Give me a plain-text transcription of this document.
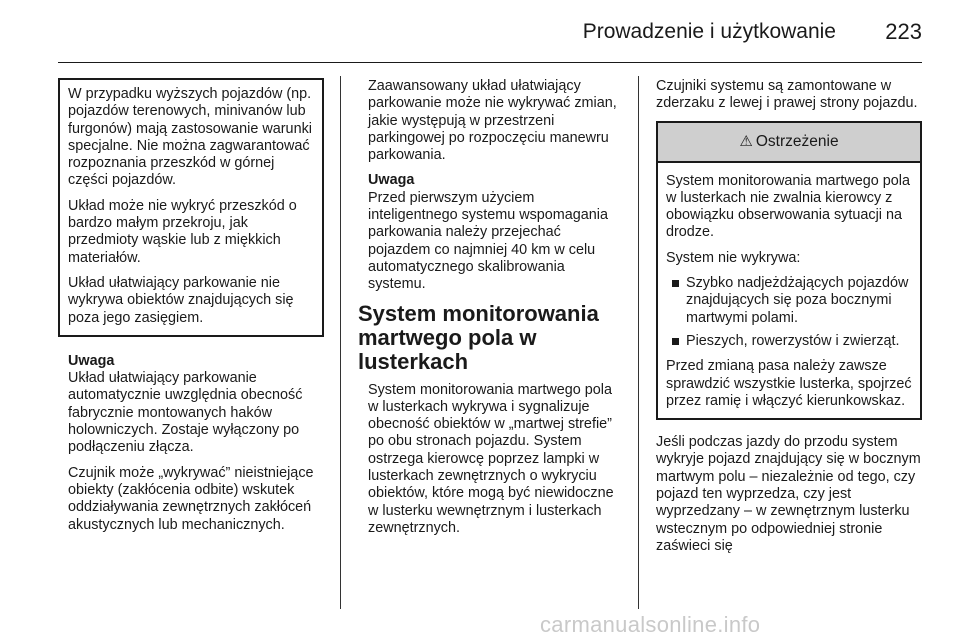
Prowadzenie i użytkowanie 223

W przypadku wyższych pojazdów (np. pojazdów terenowych, minivanów lub furgonów) mają zastosowanie warunki specjalne. Nie można zagwarantować rozpoznania przeszkód w górnej części pojazdów.

Układ może nie wykryć przeszkód o bardzo małym przekroju, jak przedmioty wąskie lub z miękkich materiałów.

Układ ułatwiający parkowanie nie wykrywa obiektów znajdujących się poza jego zasięgiem.

Uwaga

Układ ułatwiający parkowanie automatycznie uwzględnia obecność fabrycznie montowanych haków holowniczych. Zostaje wyłączony po podłączeniu złącza.

Czujnik może „wykrywać” nieistniejące obiekty (zakłócenia odbite) wskutek oddziaływania zewnętrznych zakłóceń akustycznych lub mechanicznych.

Zaawansowany układ ułatwiający parkowanie może nie wykrywać zmian, jakie występują w przestrzeni parkingowej po rozpoczęciu manewru parkowania.

Uwaga

Przed pierwszym użyciem inteligentnego systemu wspomagania parkowania należy przejechać pojazdem co najmniej 40 km w celu automatycznego skalibrowania systemu.

System monitorowania martwego pola w lusterkach

System monitorowania martwego pola w lusterkach wykrywa i sygnalizuje obecność obiektów w „martwej strefie” po obu stronach pojazdu. System ostrzega kierowcę poprzez lampki w lusterkach zewnętrznych o wykryciu obiektów, które mogą być niewidoczne w lusterku wewnętrznym i lusterkach zewnętrznych.

Czujniki systemu są zamontowane w zderzaku z lewej i prawej strony pojazdu.

⚠ Ostrzeżenie

System monitorowania martwego pola w lusterkach nie zwalnia kierowcy z obowiązku obserwowania sytuacji na drodze.

System nie wykrywa:

Szybko nadjeżdżających pojazdów znajdujących się poza bocznymi martwymi polami.
Pieszych, rowerzystów i zwierząt.

Przed zmianą pasa należy zawsze sprawdzić wszystkie lusterka, spojrzeć przez ramię i włączyć kierunkowskaz.

Jeśli podczas jazdy do przodu system wykryje pojazd znajdujący się w bocznym martwym polu – niezależnie od tego, czy pojazd ten wyprzedza, czy jest wyprzedzany – w zewnętrznym lusterku wstecznym po odpowiedniej stronie zaświeci się

carmanualsonline.info
